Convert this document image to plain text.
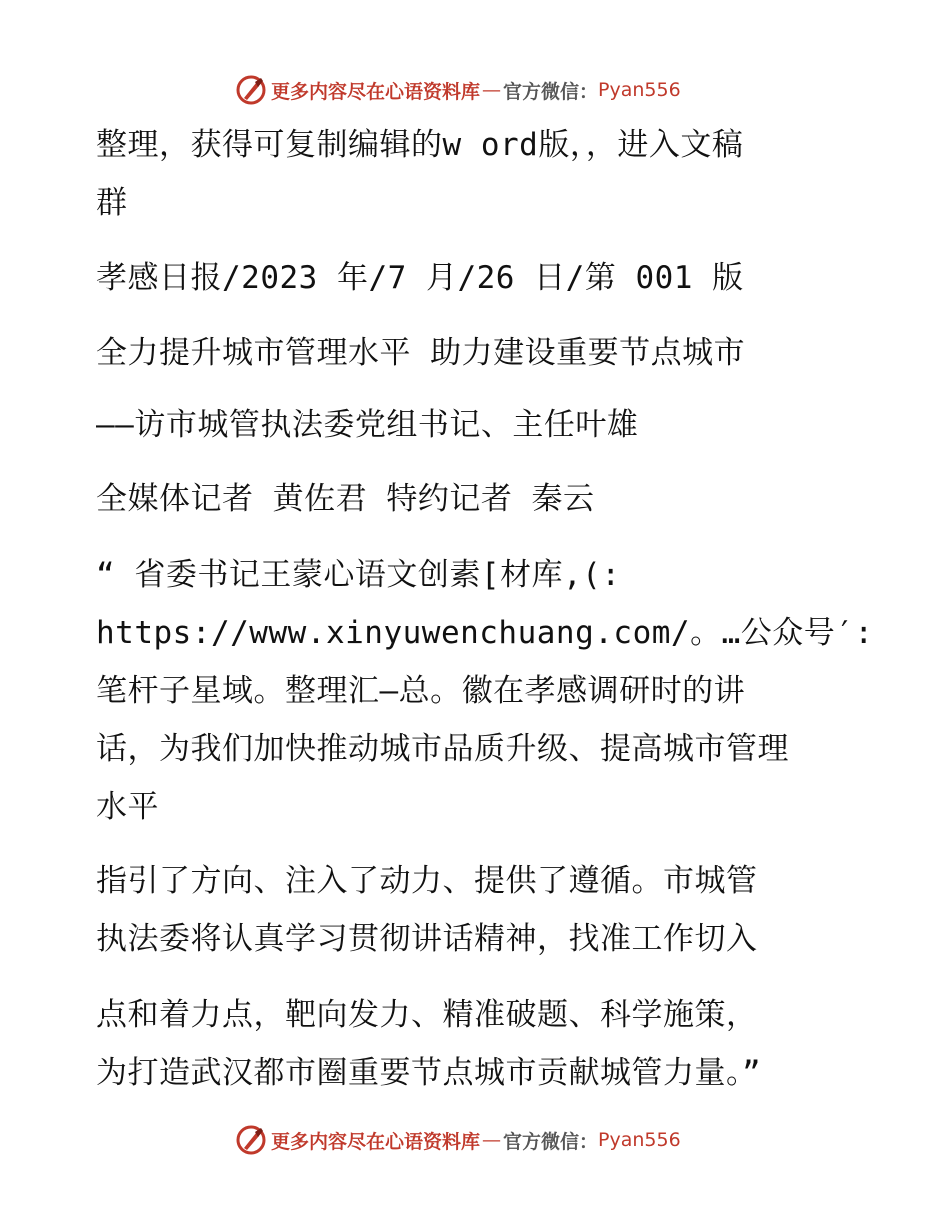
更多内容尽在心语资料库 — 官方微信： Pyan556
整理，获得可复制编辑的w ord版，，进入文稿
群
孝感日报/2023 年/7 月/26 日/第 001 版
全力提升城市管理水平 助力建设重要节点城市
——访市城管执法委党组书记、主任叶雄
全媒体记者 黄佐君 特约记者 秦云
“ 省委书记王蒙心语文创素[材库,(:
https://www.xinyuwenchuang.com/。…公众号′:
笔杆子星域。整理汇—总。徽在孝感调研时的讲
话，为我们加快推动城市品质升级、提高城市管理
水平
指引了方向、注入了动力、提供了遵循。市城管
执法委将认真学习贯彻讲话精神，找准工作切入
点和着力点，靶向发力、精准破题、科学施策，
为打造武汉都市圈重要节点城市贡献城管力量。”
更多内容尽在心语资料库 — 官方微信： Pyan556
